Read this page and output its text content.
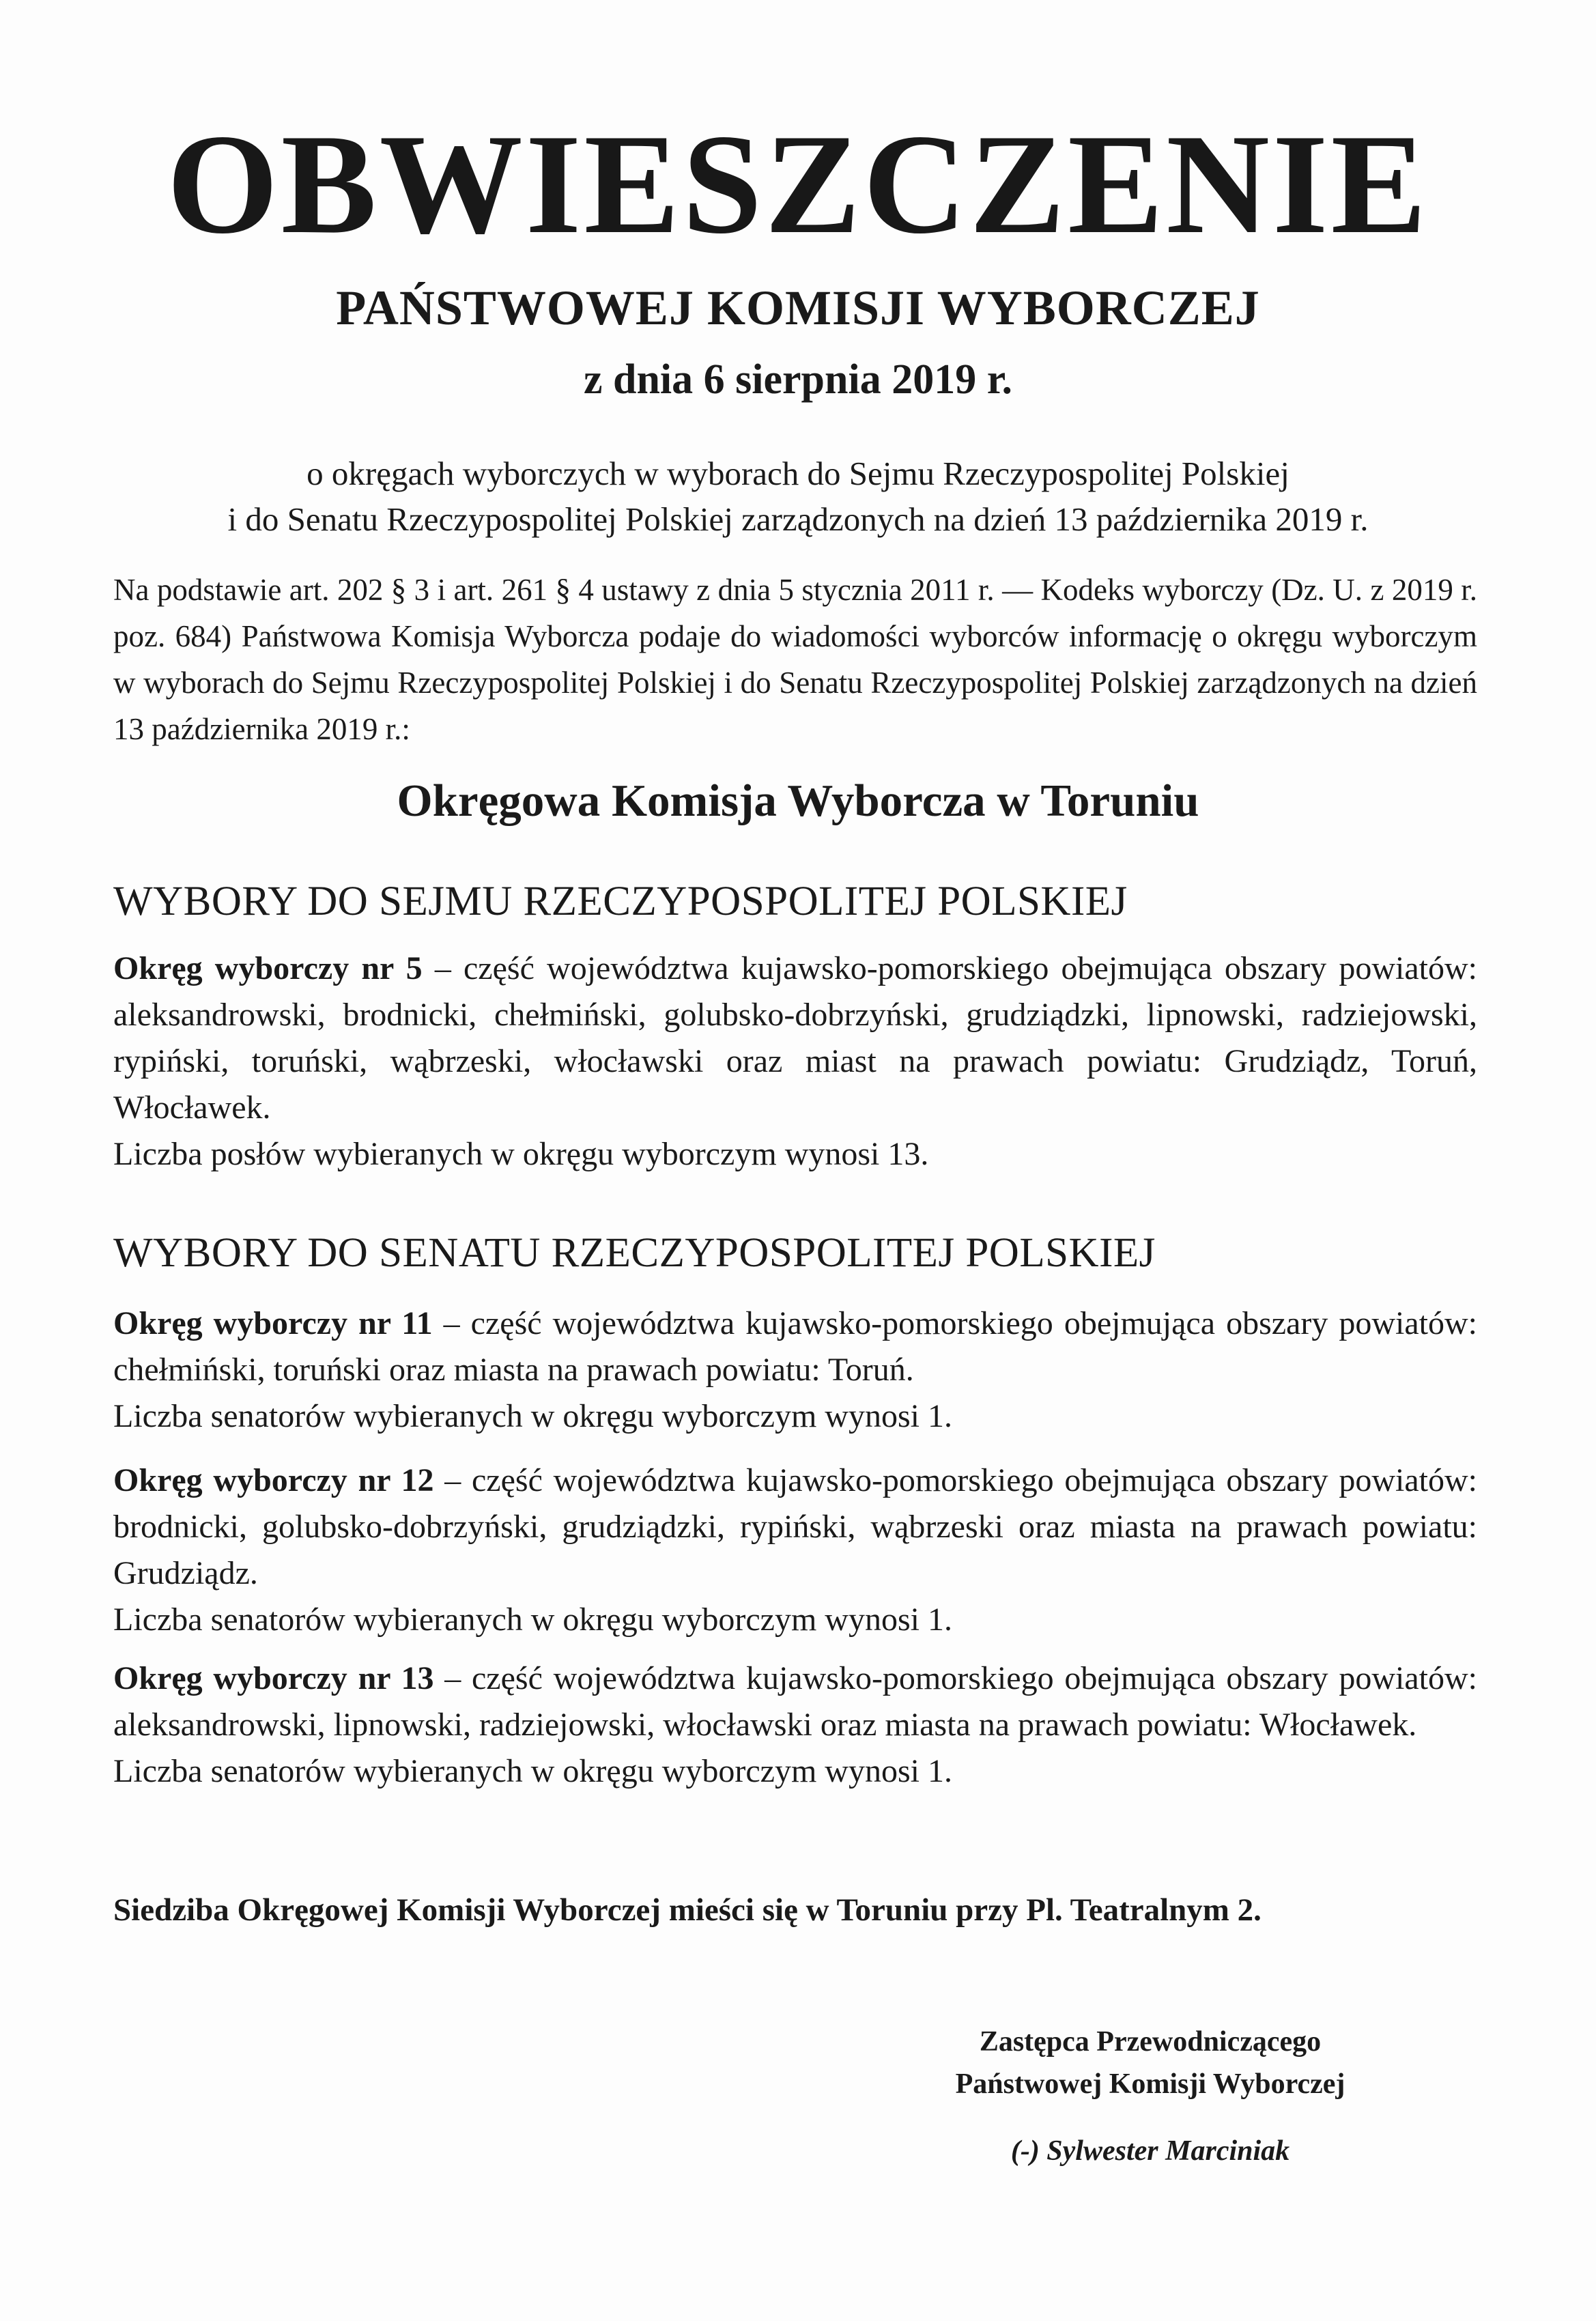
OBWIESZCZENIE
PAŃSTWOWEJ KOMISJI WYBORCZEJ
z dnia 6 sierpnia 2019 r.
o okręgach wyborczych w wyborach do Sejmu Rzeczypospolitej Polskiej
i do Senatu Rzeczypospolitej Polskiej zarządzonych na dzień 13 października 2019 r.
Na podstawie art. 202 § 3 i art. 261 § 4 ustawy z dnia 5 stycznia 2011 r. — Kodeks wyborczy (Dz. U. z 2019 r. poz. 684) Państwowa Komisja Wyborcza podaje do wiadomości wyborców informację o okręgu wyborczym w wyborach do Sejmu Rzeczypospolitej Polskiej i do Senatu Rzeczypospolitej Polskiej zarządzonych na dzień 13 października 2019 r.:
Okręgowa Komisja Wyborcza w Toruniu
WYBORY DO SEJMU RZECZYPOSPOLITEJ POLSKIEJ
Okręg wyborczy nr 5 – część województwa kujawsko-pomorskiego obejmująca obszary powiatów: aleksandrowski, brodnicki, chełmiński, golubsko-dobrzyński, grudziądzki, lipnowski, radziejowski, rypiński, toruński, wąbrzeski, włocławski oraz miast na prawach powiatu: Grudziądz, Toruń, Włocławek.
Liczba posłów wybieranych w okręgu wyborczym wynosi 13.
WYBORY DO SENATU RZECZYPOSPOLITEJ POLSKIEJ
Okręg wyborczy nr 11 – część województwa kujawsko-pomorskiego obejmująca obszary powiatów: chełmiński, toruński oraz miasta na prawach powiatu: Toruń.
Liczba senatorów wybieranych w okręgu wyborczym wynosi 1.
Okręg wyborczy nr 12 – część województwa kujawsko-pomorskiego obejmująca obszary powiatów: brodnicki, golubsko-dobrzyński, grudziądzki, rypiński, wąbrzeski oraz miasta na prawach powiatu: Grudziądz.
Liczba senatorów wybieranych w okręgu wyborczym wynosi 1.
Okręg wyborczy nr 13 – część województwa kujawsko-pomorskiego obejmująca obszary powiatów: aleksandrowski, lipnowski, radziejowski, włocławski oraz miasta na prawach powiatu: Włocławek.
Liczba senatorów wybieranych w okręgu wyborczym wynosi 1.
Siedziba Okręgowej Komisji Wyborczej mieści się w Toruniu przy Pl. Teatralnym 2.
Zastępca Przewodniczącego
Państwowej Komisji Wyborczej
(-) Sylwester Marciniak
